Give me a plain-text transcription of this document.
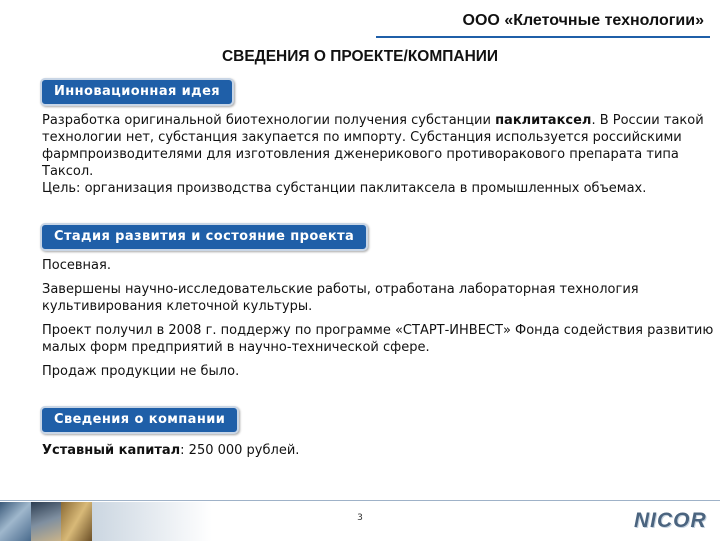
ООО «Клеточные технологии»
СВЕДЕНИЯ О ПРОЕКТЕ/КОМПАНИИ
Инновационная идея

Разработка оригинальной биотехнологии получения субстанции паклитаксел. В России такой технологии нет, субстанция закупается по импорту. Cубстанция используется российскими фармпроизводителями для изготовления дженерикового противоракового препарата типа Таксол.

Цель: организация производства субстанции паклитаксела в промышленных объемах.

Стадия развития и состояние проекта

Посевная.

Завершены научно-исследовательские работы, отработана лабораторная технология культивирования клеточной культуры.

Проект получил в 2008 г. поддержу по программе «СТАРТ-ИНВЕСТ» Фонда содействия развитию малых форм предприятий в научно-технической сфере.

Продаж продукции не было.

Сведения о компании

Уставный капитал: 250 000 рублей.

3	NICOR
